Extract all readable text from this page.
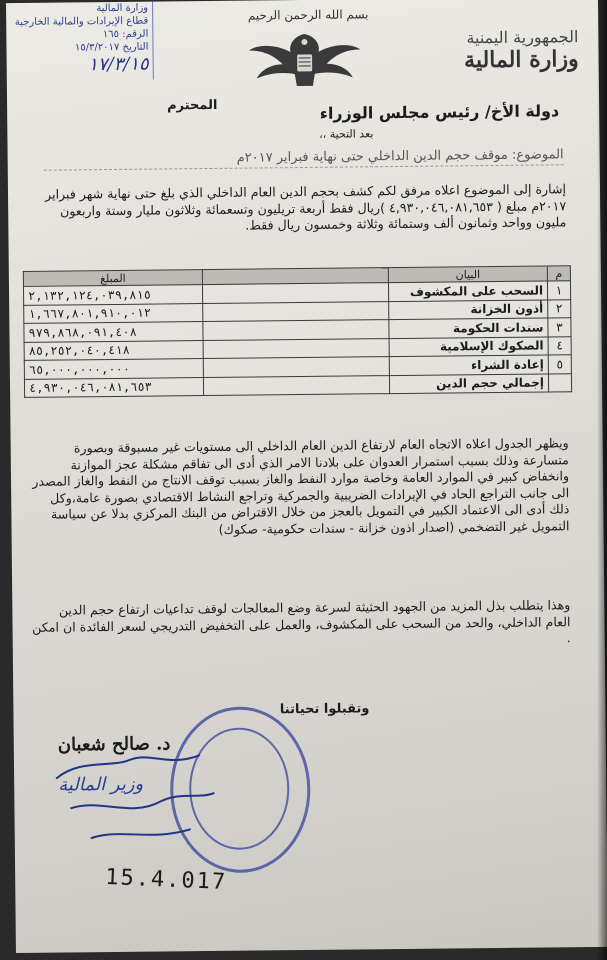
وزارة المالية
قطاع الإيرادات والمالية الخارجية
الرقم: ١٦٥
التاريخ ١٥/٣/٢٠١٧
١٧/٣/١٥
بسم الله الرحمن الرحيم
الجمهورية اليمنية
وزارة المالية
المحترم	دولة الأخ/ رئيس مجلس الوزراء
بعد التحية ،،
الموضوع: موقف حجم الدين الداخلي حتى نهاية فبراير ٢٠١٧م
إشارة إلى الموضوع اعلاه مرفق لكم كشف بحجم الدين العام الداخلي الذي بلغ حتى نهاية شهر فبراير ٢٠١٧م مبلغ ( ٤,٩٣٠,٠٤٦,٠٨١,٦٥٣ )ريال فقط أربعة تريليون وتسعمائة وثلاثون مليار وستة واربعون مليون وواحد وثمانون ألف وستمائة وثلاثة وخمسون ريال فقط.
م	البيان		المبلغ
١	السحب على المكشوف		٢,١٣٢,١٢٤,٠٣٩,٨١٥
٢	أذون الخزانة		١,٦٦٧,٨٠١,٩١٠,٠١٢
٣	سندات الحكومة		٩٧٩,٨٦٨,٠٩١,٤٠٨
٤	الصكوك الإسلامية		٨٥,٢٥٢,٠٤٠,٤١٨
٥	إعادة الشراء		٦٥,٠٠٠,٠٠٠,٠٠٠
	إجمالي حجم الدين		٤,٩٣٠,٠٤٦,٠٨١,٦٥٣
ويظهر الجدول اعلاه الاتجاه العام لارتفاع الدين العام الداخلي الى مستويات غير مسبوقة وبصورة متسارعة وذلك بسبب استمرار العدوان على بلادنا الامر الذي أدى الى تفاقم مشكلة عجز الموازنة وانخفاض كبير في الموارد العامة وخاصة موارد النفط والغاز بسبب توقف الانتاج من النفط والغاز المصدر الى جانب التراجع الحاد في الإيرادات الضريبية والجمركية وتراجع النشاط الاقتصادي بصورة عامة،وكل ذلك أدى الى الاعتماد الكبير في التمويل بالعجز من خلال الاقتراض من البنك المركزي بدلا عن سياسة التمويل غير التضخمي (اصدار اذون خزانة - سندات حكومية- صكوك)
وهذا يتطلب بذل المزيد من الجهود الحثيثة لسرعة وضع المعالجات لوقف تداعيات ارتفاع حجم الدين العام الداخلي، والحد من السحب على المكشوف، والعمل على التخفيض التدريجي لسعر الفائدة ان امكن .
وتقبلوا تحياتنا
د. صالح شعبان
وزير المالية
15.4.017
